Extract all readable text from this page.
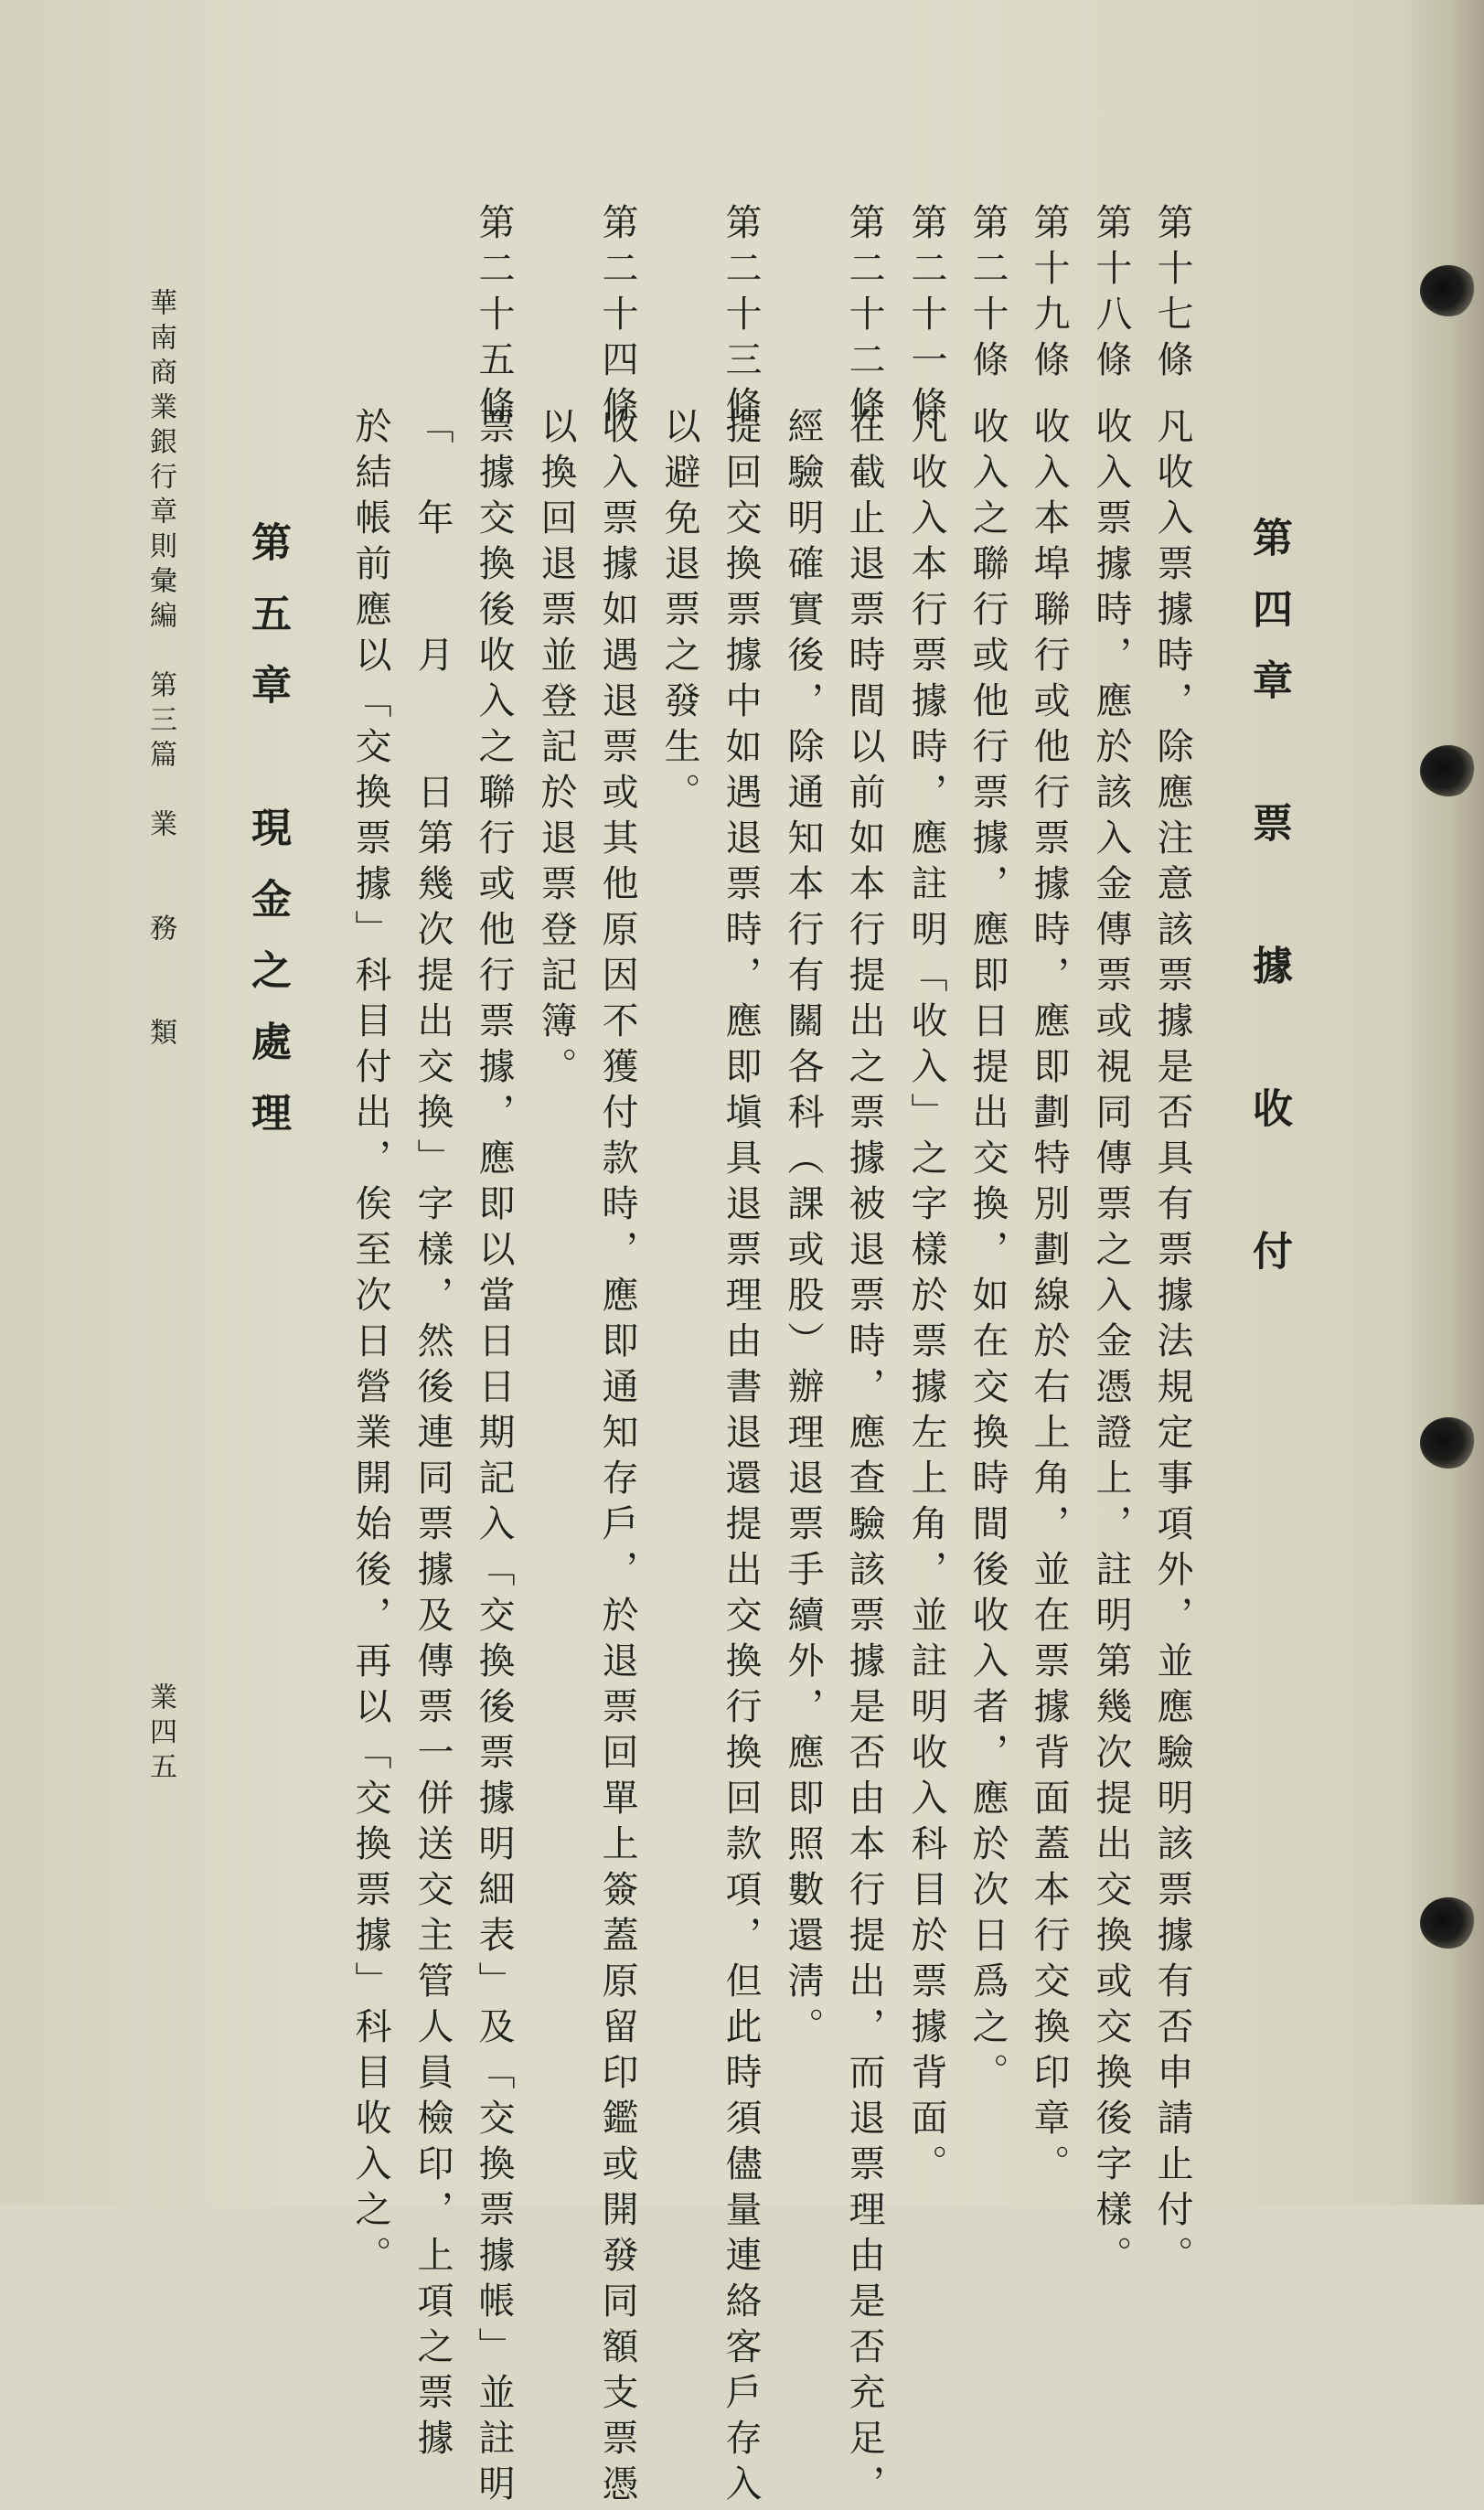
第四章　票　據　收　付
第十七條
凡收入票據時，除應注意該票據是否具有票據法規定事項外，並應驗明該票據有否申請止付。
第十八條
收入票據時，應於該入金傳票或視同傳票之入金憑證上，註明第幾次提出交換或交換後字樣。
第十九條
收入本埠聯行或他行票據時，應即劃特別劃線於右上角，並在票據背面蓋本行交換印章。
第二十條
收入之聯行或他行票據，應即日提出交換，如在交換時間後收入者，應於次日爲之。
第二十一條
凡收入本行票據時，應註明「收入」之字樣於票據左上角，並註明收入科目於票據背面。
第二十二條
在截止退票時間以前如本行提出之票據被退票時，應查驗該票據是否由本行提出，而退票理由是否充足，
經驗明確實後，除通知本行有關各科（課或股）辦理退票手續外，應即照數還淸。
第二十三條
提回交換票據中如遇退票時，應即塡具退票理由書退還提出交換行換回款項，但此時須儘量連絡客戶存入
以避免退票之發生。
第二十四條
收入票據如遇退票或其他原因不獲付款時，應即通知存戶，於退票回單上簽蓋原留印鑑或開發同額支票憑
以換回退票並登記於退票登記簿。
第二十五條
票據交換後收入之聯行或他行票據，應即以當日日期記入「交換後票據明細表」及「交換票據帳」並註明
「　年　　月　　日第幾次提出交換」字樣，然後連同票據及傳票一併送交主管人員檢印，上項之票據
於結帳前應以「交換票據」科目付出，俟至次日營業開始後，再以「交換票據」科目收入之。
第五章　現金之處理
華南商業銀行章則彙編　第三篇　業　　務　　類
業四五
